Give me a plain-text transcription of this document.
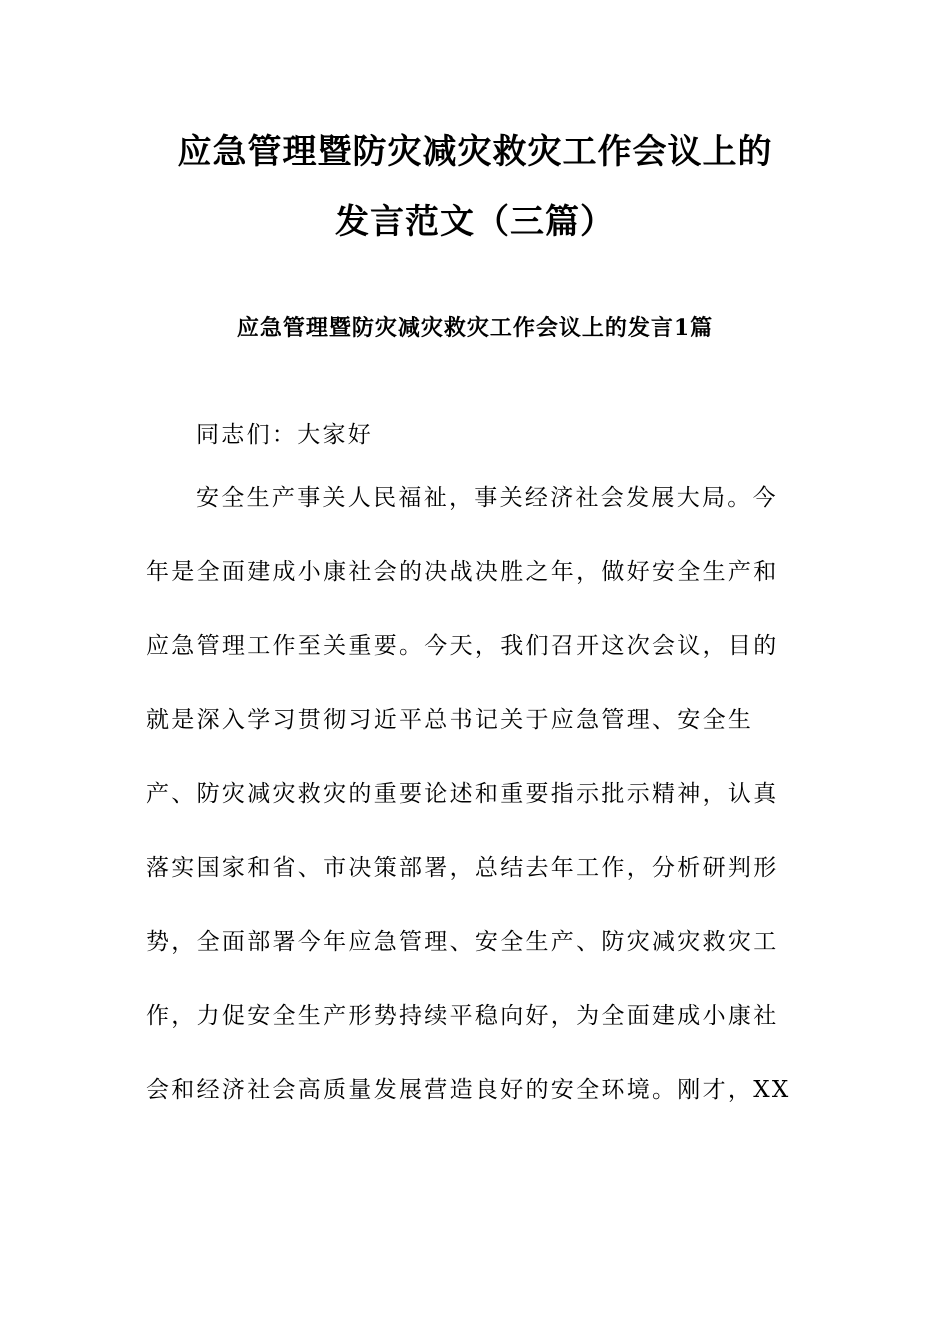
应急管理暨防灾减灾救灾工作会议上的
发言范文（三篇）
应急管理暨防灾减灾救灾工作会议上的发言1篇
同志们：大家好
安全生产事关人民福祉，事关经济社会发展大局。今
年是全面建成小康社会的决战决胜之年，做好安全生产和
应急管理工作至关重要。今天，我们召开这次会议，目的
就是深入学习贯彻习近平总书记关于应急管理、安全生
产、防灾减灾救灾的重要论述和重要指示批示精神，认真
落实国家和省、市决策部署，总结去年工作，分析研判形
势，全面部署今年应急管理、安全生产、防灾减灾救灾工
作，力促安全生产形势持续平稳向好，为全面建成小康社
会和经济社会高质量发展营造良好的安全环境。刚才，XX
